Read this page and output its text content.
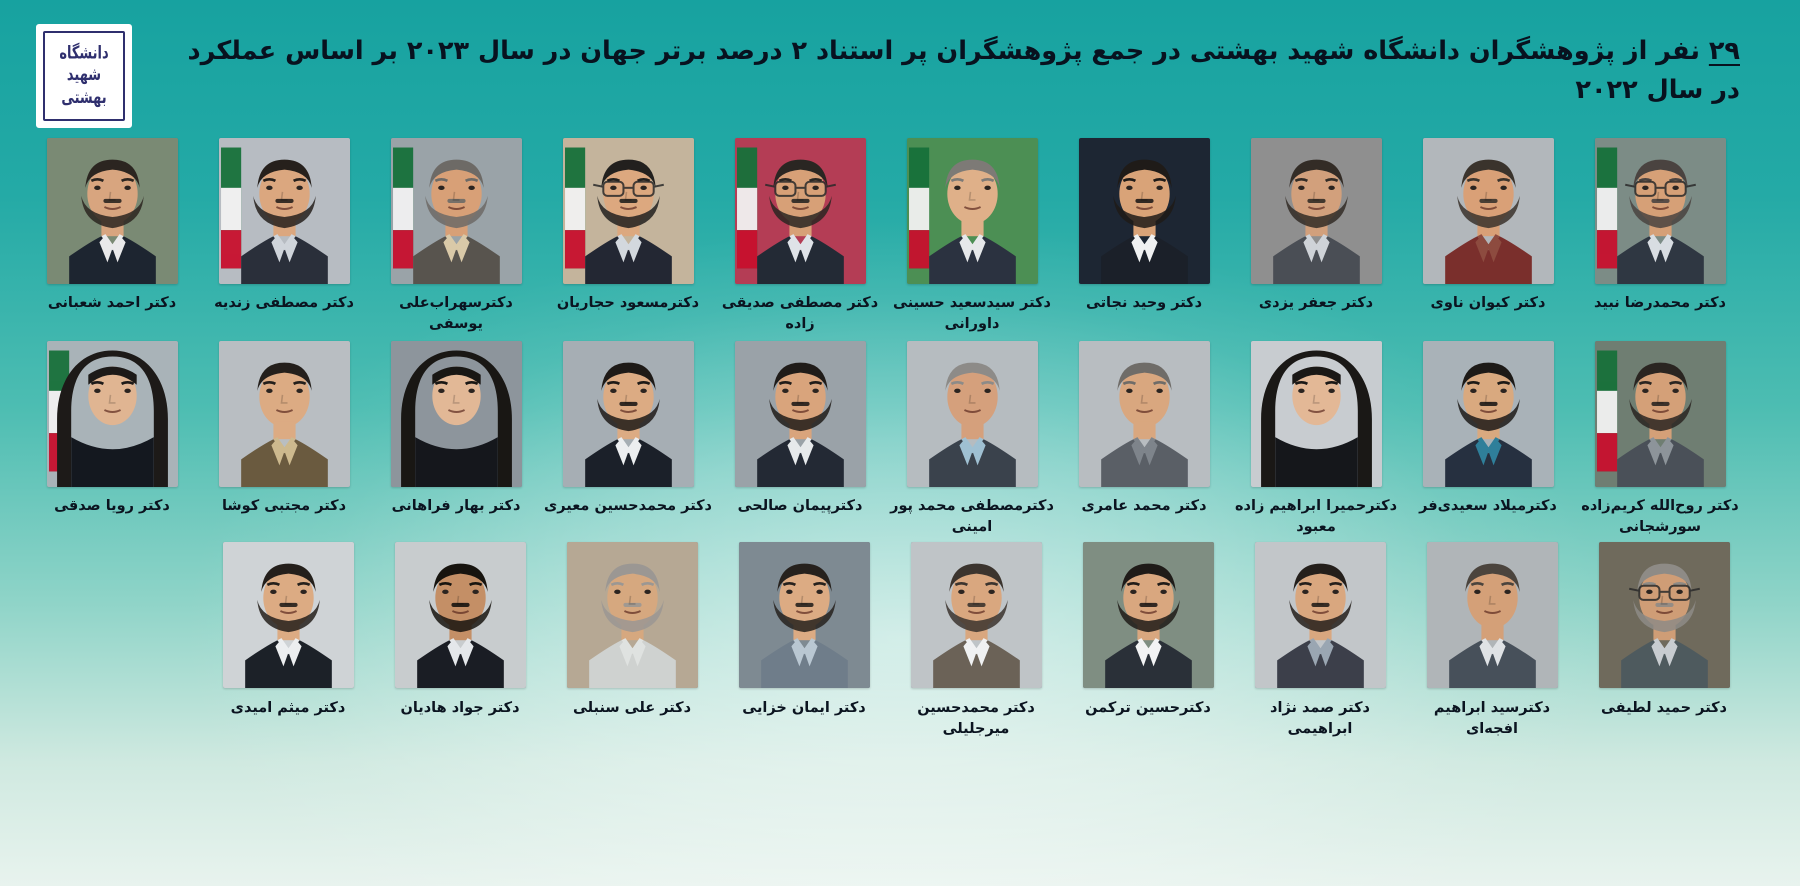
۲۹ نفر از پژوهشگران دانشگاه شهید بهشتی در جمع پژوهشگران پر استناد ۲ درصد برتر جهان در سال ۲۰۲۳ بر اساس عملکرد در سال ۲۰۲۲
دانشگاه شهید بهشتی
دکتر احمد شعبانی	دکتر مصطفی زندیه	دکترسهراب‌علی یوسفی
دکترمسعود حجاریان	دکتر مصطفی صدیقی زاده
دکتر سیدسعید حسینی داورانی
دکتر وحید نجاتی	دکتر جعفر یزدی	دکتر کیوان ناوی	دکتر محمدرضا نبید
دکتر رویا صدقی	دکتر مجتبی کوشا	دکتر بهار فراهانی	دکتر محمدحسین معیری	دکترپیمان صالحی	دکترمصطفی محمد پور امینی
دکتر محمد عامری	دکترحمیرا ابراهیم زاده معبود
دکترمیلاد سعیدی‌فر	دکتر روح‌الله کریم‌زاده سورشجانی
دکتر میثم امیدی	دکتر جواد هادیان	دکتر علی سنبلی	دکتر ایمان خزایی	دکتر محمدحسین میرجلیلی
دکترحسین ترکمن	دکتر صمد نژاد ابراهیمی
دکترسید ابراهیم افجه‌ای
دکتر حمید لطیفی
